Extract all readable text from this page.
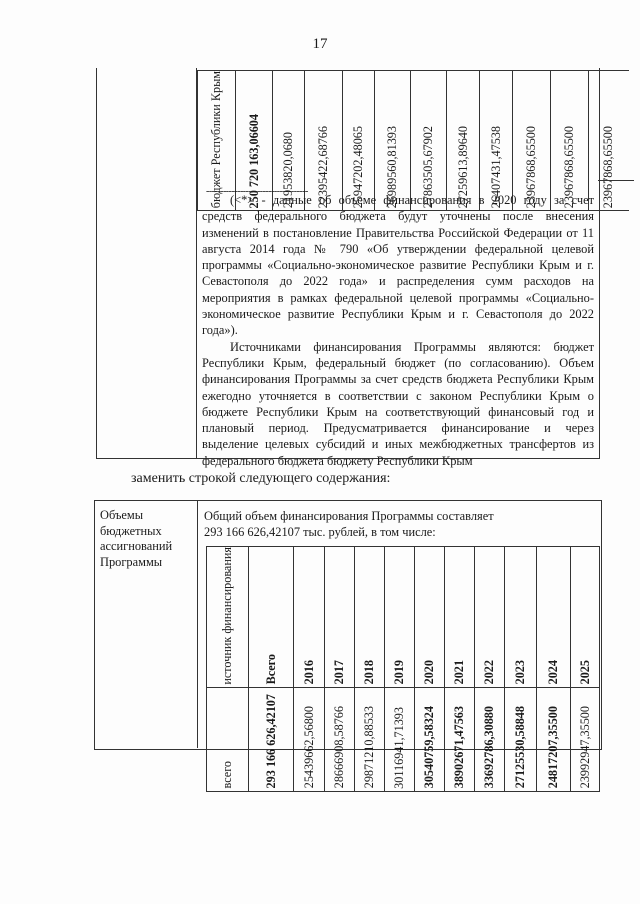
17
бюджет Республики Крым	250 720 163,06604	21953820,0680	22395422,68766	25947202,48065	26989560,81393	27863505,67902	27259613,89640	26407431,47538	23967868,65500	23967868,65500	23967868,65500
------------------------------------

(<*> - данные об объеме финансирования в 2020 году за счет средств федерального бюджета будут уточнены после внесения изменений в постановление Правительства Российской Федерации от 11 августа 2014 года № 790 «Об утверждении федеральной целевой программы «Социально-экономическое развитие Республики Крым и г. Севастополя до 2022 года» и распределения сумм расходов на мероприятия в рамках федеральной целевой программы «Социально-экономическое развитие Республики Крым и г. Севастополя до 2022 года»).

Источниками финансирования Программы являются: бюджет Республики Крым, федеральный бюджет (по согласованию). Объем финансирования Программы за счет средств бюджета Республики Крым ежегодно уточняется в соответствии с законом Республики Крым о бюджете Республики Крым на соответствующий финансовый год и плановый период. Предусматривается финансирование и через выделение целевых субсидий и иных межбюджетных трансфертов из федерального бюджета бюджету Республики Крым

заменить строкой следующего содержания:
Объемы бюджетных ассигнований Программы
Общий объем финансирования Программы составляет
293 166 626,42107 тыс. рублей, в том числе:
источник финансирования	Всего	2016	2017	2018	2019	2020	2021	2022	2023	2024	2025

всего	293 166 626,42107	25439662,56800	28666908,58766	29871210,88533	30116941,71393	30540759,58324	38902671,47563	33692786,30880	27125530,58848	24817207,35500	23992947,35500
